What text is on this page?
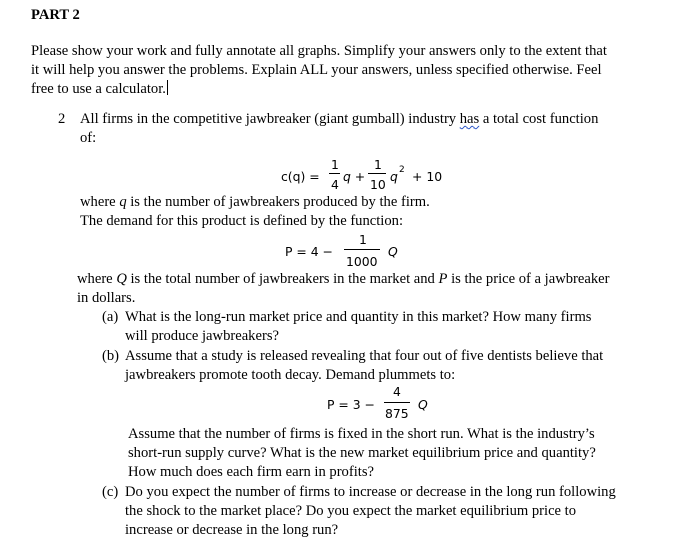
PART 2
Please show your work and fully annotate all graphs. Simplify your answers only to the extent that
it will help you answer the problems. Explain ALL your answers, unless specified otherwise. Feel
free to use a calculator.
2 All firms in the competitive jawbreaker (giant gumball) industry has a total cost function
of:
c(q) =
1
4
q +
1
10
q 2 + 10
where q is the number of jawbreakers produced by the firm.
The demand for this product is defined by the function:
P = 4 −
1
1000
Q
where Q is the total number of jawbreakers in the market and P is the price of a jawbreaker
in dollars.
(a) What is the long-run market price and quantity in this market? How many firms
will produce jawbreakers?
(b) Assume that a study is released revealing that four out of five dentists believe that
jawbreakers promote tooth decay. Demand plummets to:
P = 3 −
4
875
Q
Assume that the number of firms is fixed in the short run. What is the industry’s
short-run supply curve? What is the new market equilibrium price and quantity?
How much does each firm earn in profits?
(c) Do you expect the number of firms to increase or decrease in the long run following
the shock to the market place? Do you expect the market equilibrium price to
increase or decrease in the long run?
